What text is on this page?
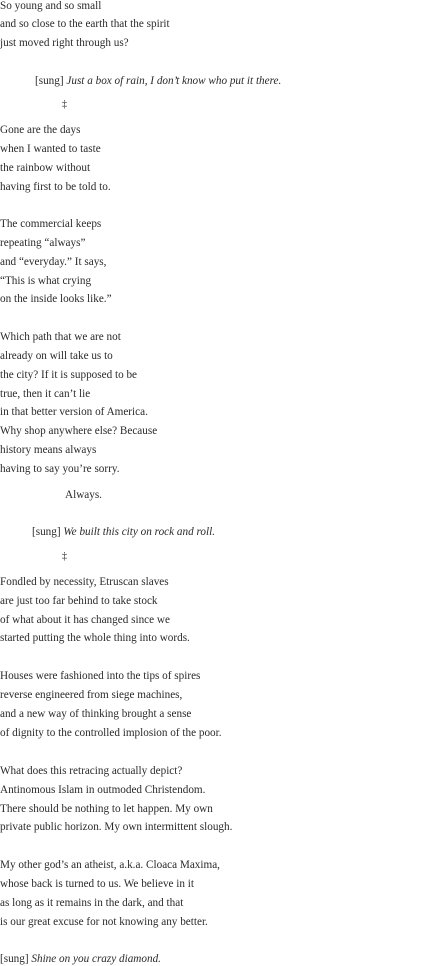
So young and so small
and so close to the earth that the spirit
just moved right through us?
[sung] Just a box of rain, I don’t know who put it there.
‡
Gone are the days
when I wanted to taste
the rainbow without
having first to be told to.
The commercial keeps
repeating “always”
and “everyday.” It says,
“This is what crying
on the inside looks like.”
Which path that we are not
already on will take us to
the city? If it is supposed to be
true, then it can’t lie
in that better version of America.
Why shop anywhere else? Because
history means always
having to say you’re sorry.
Always.
[sung] We built this city on rock and roll.
‡
Fondled by necessity, Etruscan slaves
are just too far behind to take stock
of what about it has changed since we
started putting the whole thing into words.
Houses were fashioned into the tips of spires
reverse engineered from siege machines,
and a new way of thinking brought a sense
of dignity to the controlled implosion of the poor.
What does this retracing actually depict?
Antinomous Islam in outmoded Christendom.
There should be nothing to let happen. My own
private public horizon. My own intermittent slough.
My other god’s an atheist, a.k.a. Cloaca Maxima,
whose back is turned to us. We believe in it
as long as it remains in the dark, and that
is our great excuse for not knowing any better.
[sung] Shine on you crazy diamond.
